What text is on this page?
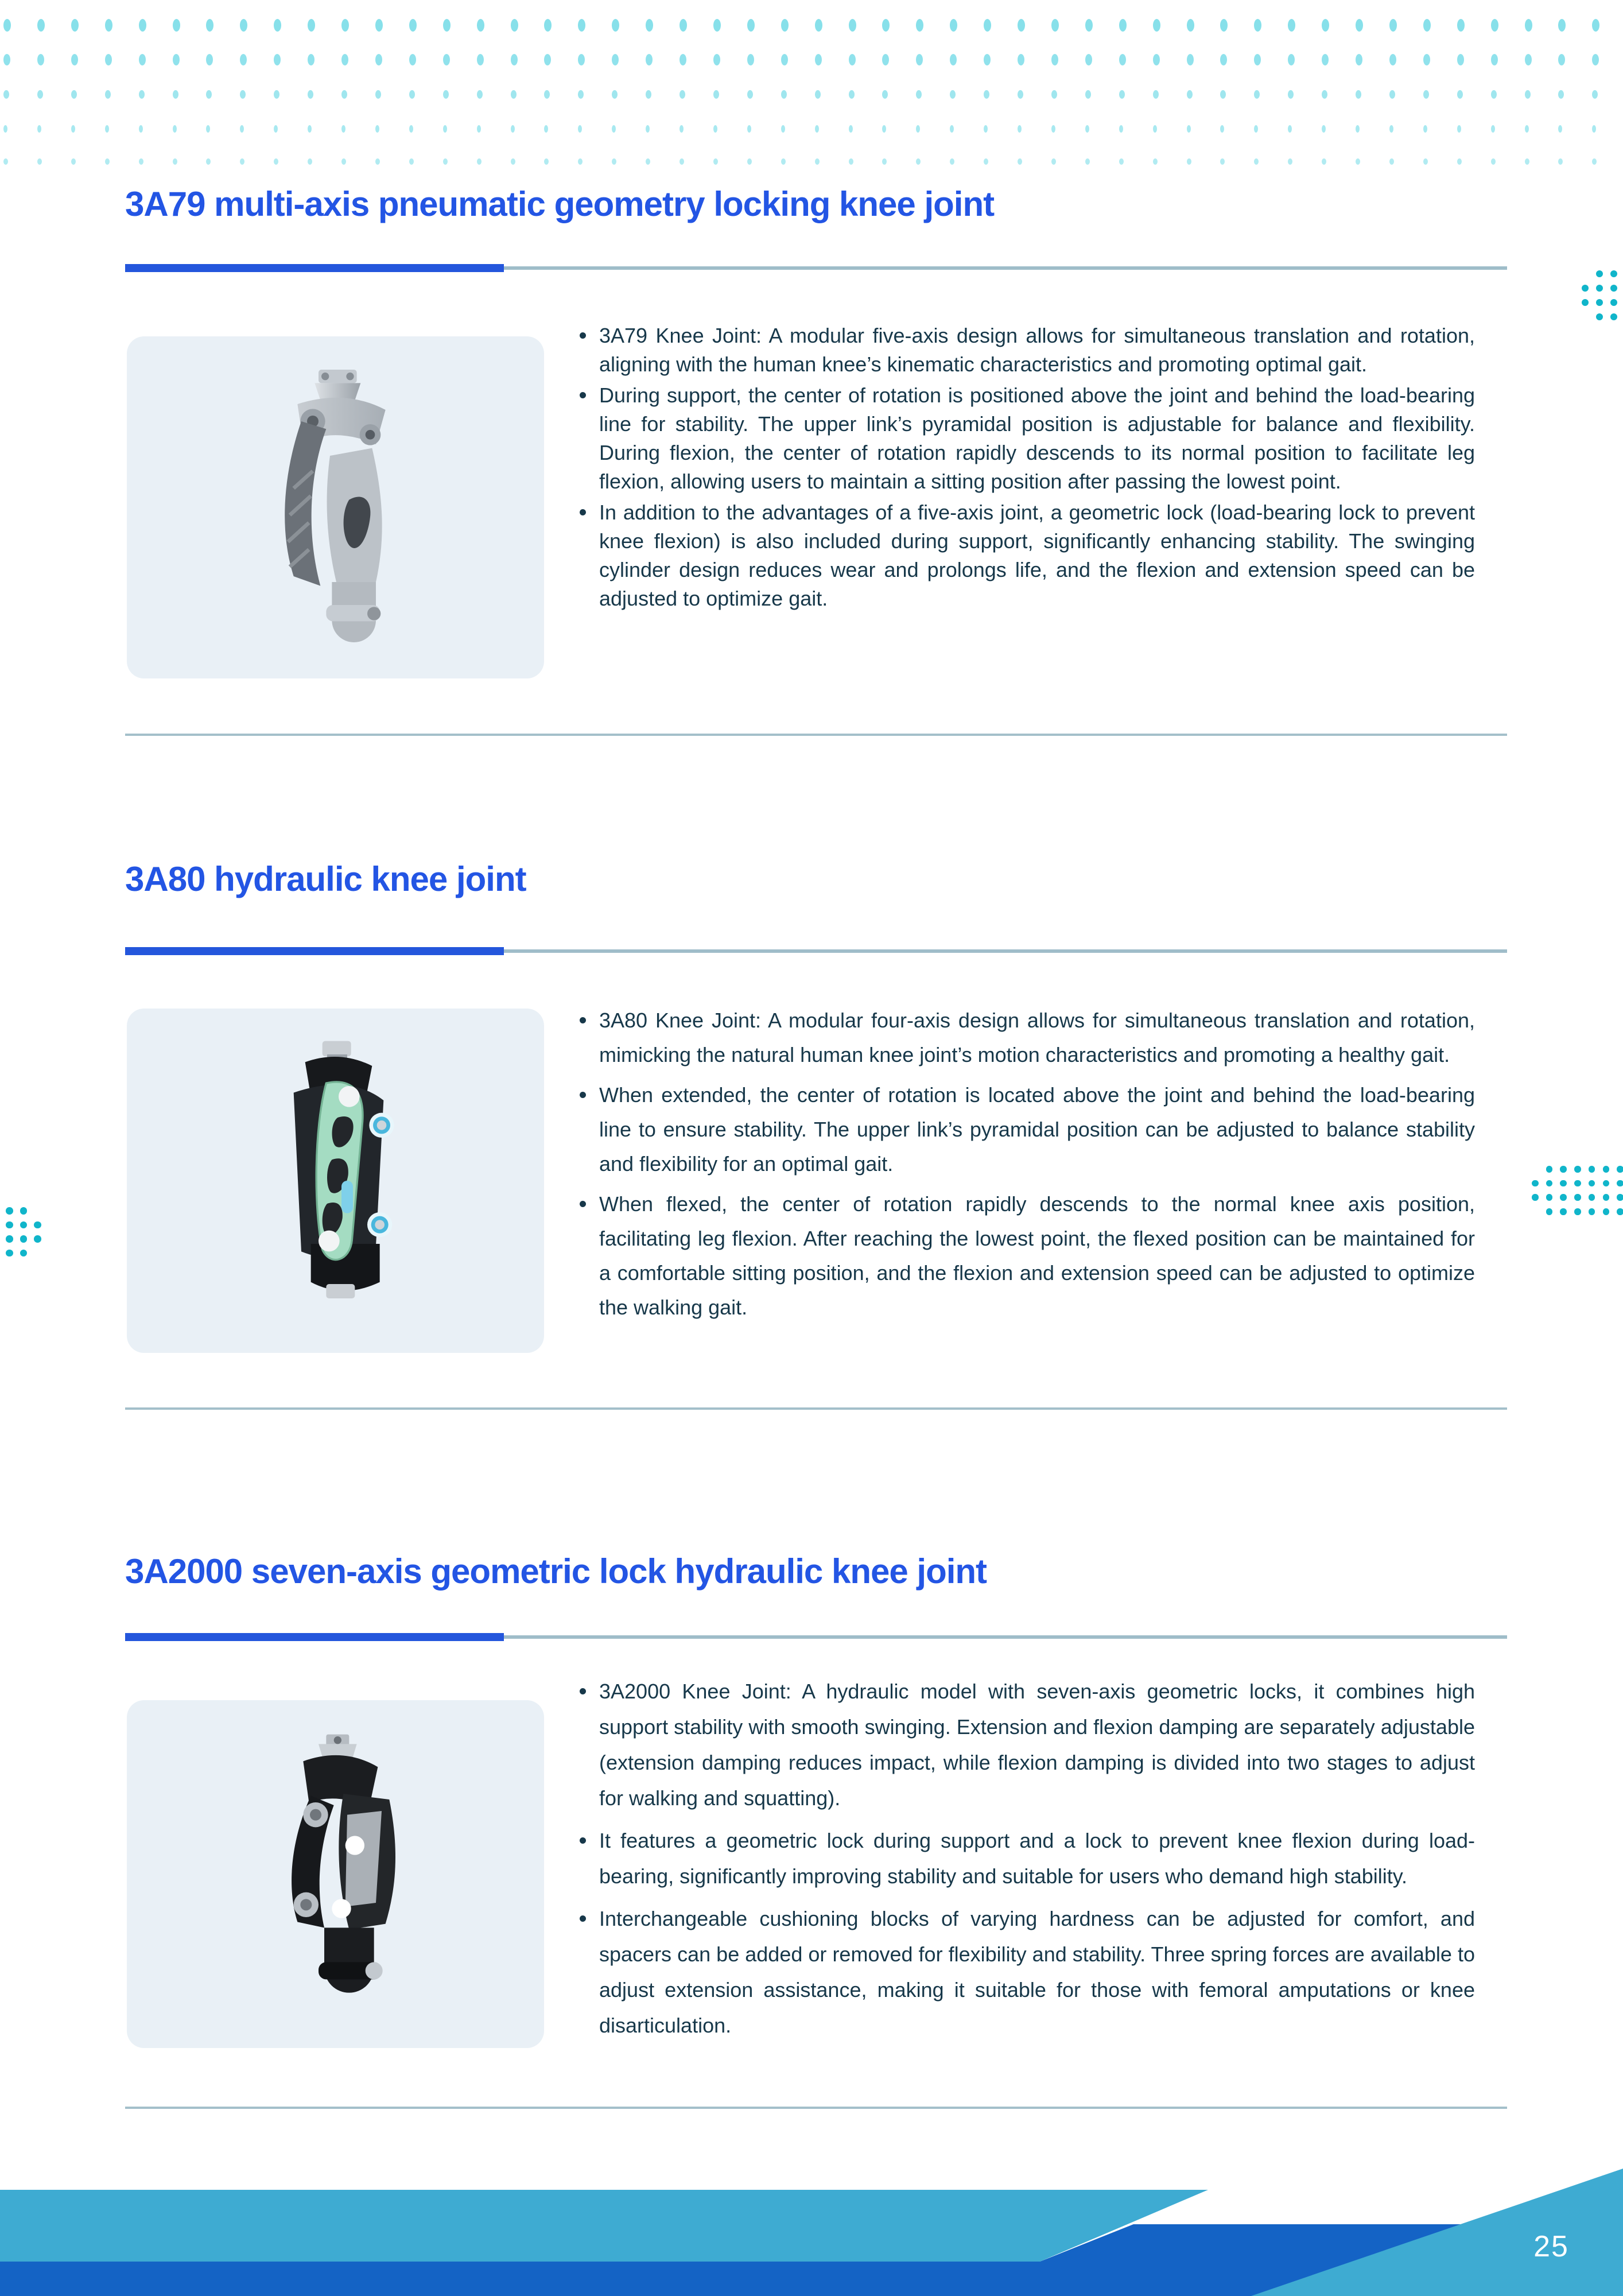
3A79 multi-axis pneumatic geometry locking knee joint
3A79 Knee Joint: A modular five-axis design allows for simultaneous translation and rotation, aligning with the human knee’s kinematic characteristics and promoting optimal gait.
During support, the center of rotation is positioned above the joint and behind the load-bearing line for stability. The upper link’s pyramidal position is adjustable for balance and flexibility. During flexion, the center of rotation rapidly descends to its normal position to facilitate leg flexion, allowing users to maintain a sitting position after passing the lowest point.
In addition to the advantages of a five-axis joint, a geometric lock (load-bearing lock to prevent knee flexion) is also included during support, significantly enhancing stability. The swinging cylinder design reduces wear and prolongs life, and the flexion and extension speed can be adjusted to optimize gait.
3A80 hydraulic knee joint
3A80 Knee Joint: A modular four-axis design allows for simultaneous translation and rotation, mimicking the natural human knee joint’s motion characteristics and promoting a healthy gait.
When extended, the center of rotation is located above the joint and behind the load-bearing line to ensure stability. The upper link’s pyramidal position can be adjusted to balance stability and flexibility for an optimal gait.
When flexed, the center of rotation rapidly descends to the normal knee axis position, facilitating leg flexion. After reaching the lowest point, the flexed position can be maintained for a comfortable sitting position, and the flexion and extension speed can be adjusted to optimize the walking gait.
3A2000 seven-axis geometric lock hydraulic knee joint
3A2000 Knee Joint: A hydraulic model with seven-axis geometric locks, it combines high support stability with smooth swinging. Extension and flexion damping are separately adjustable (extension damping reduces impact, while flexion damping is divided into two stages to adjust for walking and squatting).
It features a geometric lock during support and a lock to prevent knee flexion during load-bearing, significantly improving stability and suitable for users who demand high stability.
Interchangeable cushioning blocks of varying hardness can be adjusted for comfort, and spacers can be added or removed for flexibility and stability. Three spring forces are available to adjust extension assistance, making it suitable for those with femoral amputations or knee disarticulation.
25
